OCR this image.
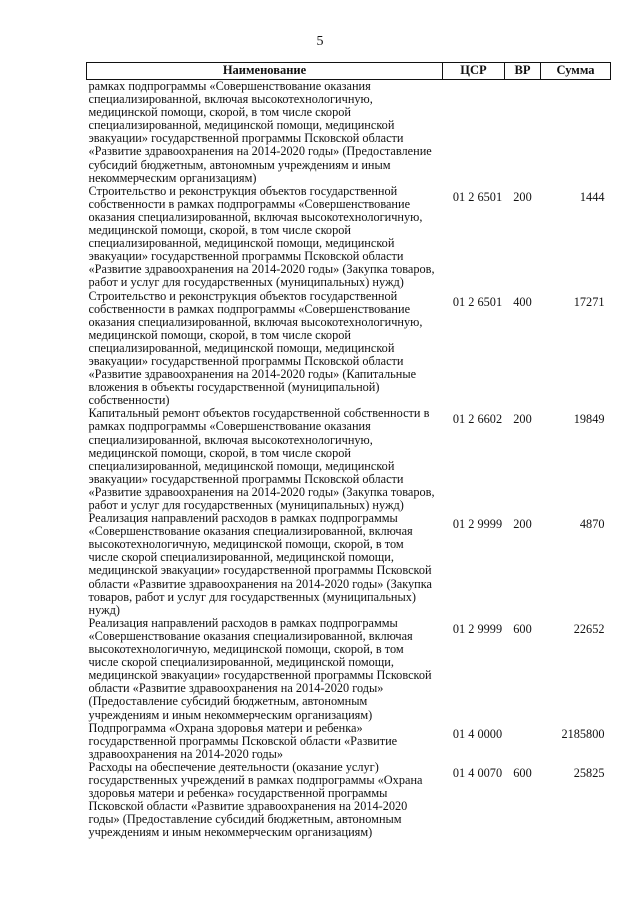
5
Наименование	ЦСР	ВР	Сумма
рамках подпрограммы «Совершенствование оказания специализированной, включая высокотехнологичную, медицинской помощи, скорой, в том числе скорой специализированной, медицинской помощи, медицинской эвакуации» государственной программы Псковской области «Развитие здравоохранения на 2014-2020 годы» (Предоставление субсидий бюджетным, автономным учреждениям и иным некоммерческим организациям)			
Строительство и реконструкция объектов государственной собственности в рамках подпрограммы «Совершенствование оказания специализированной, включая высокотехнологичную, медицинской помощи, скорой, в том числе скорой специализированной, медицинской помощи, медицинской эвакуации» государственной программы Псковской области «Развитие здравоохранения на 2014-2020 годы» (Закупка товаров, работ и услуг для государственных (муниципальных) нужд)	01 2 6501	200	1444
Строительство и реконструкция объектов государственной собственности в рамках подпрограммы «Совершенствование оказания специализированной, включая высокотехнологичную, медицинской помощи, скорой, в том числе скорой специализированной, медицинской помощи, медицинской эвакуации» государственной программы Псковской области «Развитие здравоохранения на 2014-2020 годы» (Капитальные вложения в объекты государственной (муниципальной) собственности)	01 2 6501	400	17271
Капитальный ремонт объектов государственной собственности в рамках подпрограммы «Совершенствование оказания специализированной, включая высокотехнологичную, медицинской помощи, скорой, в том числе скорой специализированной, медицинской помощи, медицинской эвакуации» государственной программы Псковской области «Развитие здравоохранения на 2014-2020 годы» (Закупка товаров, работ и услуг для государственных (муниципальных) нужд)	01 2 6602	200	19849
Реализация направлений расходов в рамках подпрограммы «Совершенствование оказания специализированной, включая высокотехнологичную, медицинской помощи, скорой, в том числе скорой специализированной, медицинской помощи, медицинской эвакуации» государственной программы Псковской области «Развитие здравоохранения на 2014-2020 годы» (Закупка товаров, работ и услуг для государственных (муниципальных) нужд)	01 2 9999	200	4870
Реализация направлений расходов в рамках подпрограммы «Совершенствование оказания специализированной, включая высокотехнологичную, медицинской помощи, скорой, в том числе скорой специализированной, медицинской помощи, медицинской эвакуации» государственной программы Псковской области «Развитие здравоохранения на 2014-2020 годы» (Предоставление субсидий бюджетным, автономным учреждениям и иным некоммерческим организациям)	01 2 9999	600	22652
Подпрограмма «Охрана здоровья матери и ребенка» государственной программы Псковской области «Развитие здравоохранения на 2014-2020 годы»	01 4 0000		2185800
Расходы на обеспечение деятельности (оказание услуг) государственных учреждений в рамках подпрограммы «Охрана здоровья матери и ребенка» государственной программы Псковской области «Развитие здравоохранения на 2014-2020 годы» (Предоставление субсидий бюджетным, автономным учреждениям и иным некоммерческим организациям)	01 4 0070	600	25825
